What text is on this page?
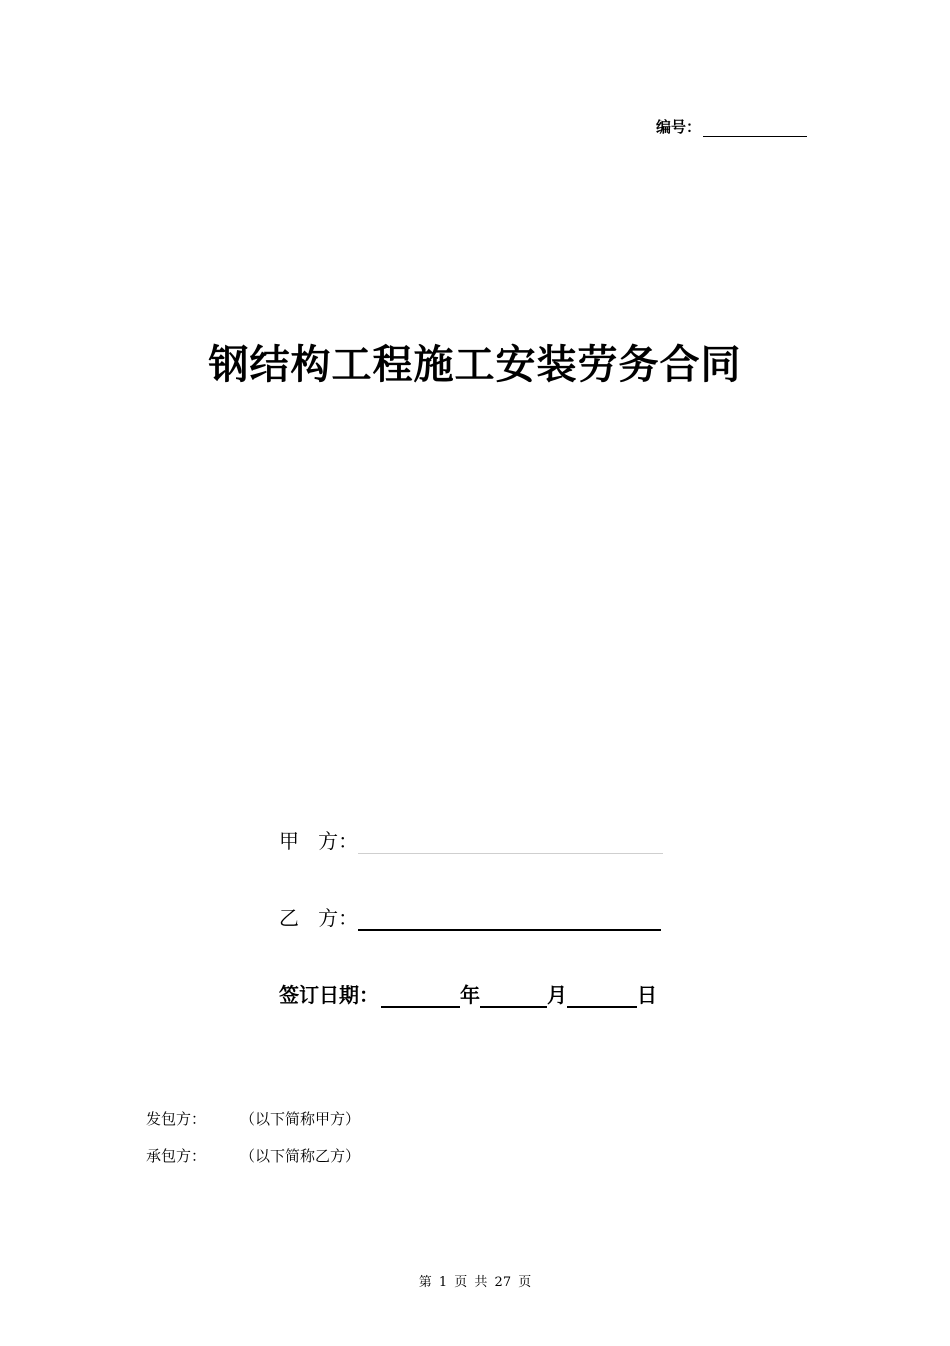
编号：
钢结构工程施工安装劳务合同
甲   方：
乙   方：
签订日期：	年	月	日
发包方：	（以下简称甲方）
承包方：	（以下简称乙方）
第 1 页 共 27 页
